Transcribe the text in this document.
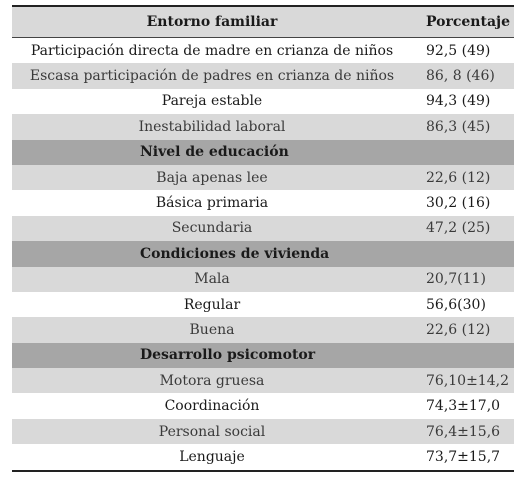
Entorno familiar	Porcentaje
Participación directa de madre en crianza de niños	92,5 (49)
Escasa participación de padres en crianza de niños	86, 8 (46)
Pareja estable	94,3 (49)
Inestabilidad laboral	86,3 (45)
Nivel de educación
Baja apenas lee	22,6 (12)
Básica primaria	30,2 (16)
Secundaria	47,2 (25)
Condiciones de vivienda
Mala	20,7(11)
Regular	56,6(30)
Buena	22,6 (12)
Desarrollo psicomotor
Motora gruesa	76,10±14,2
Coordinación	74,3±17,0
Personal social	76,4±15,6
Lenguaje	73,7±15,7
